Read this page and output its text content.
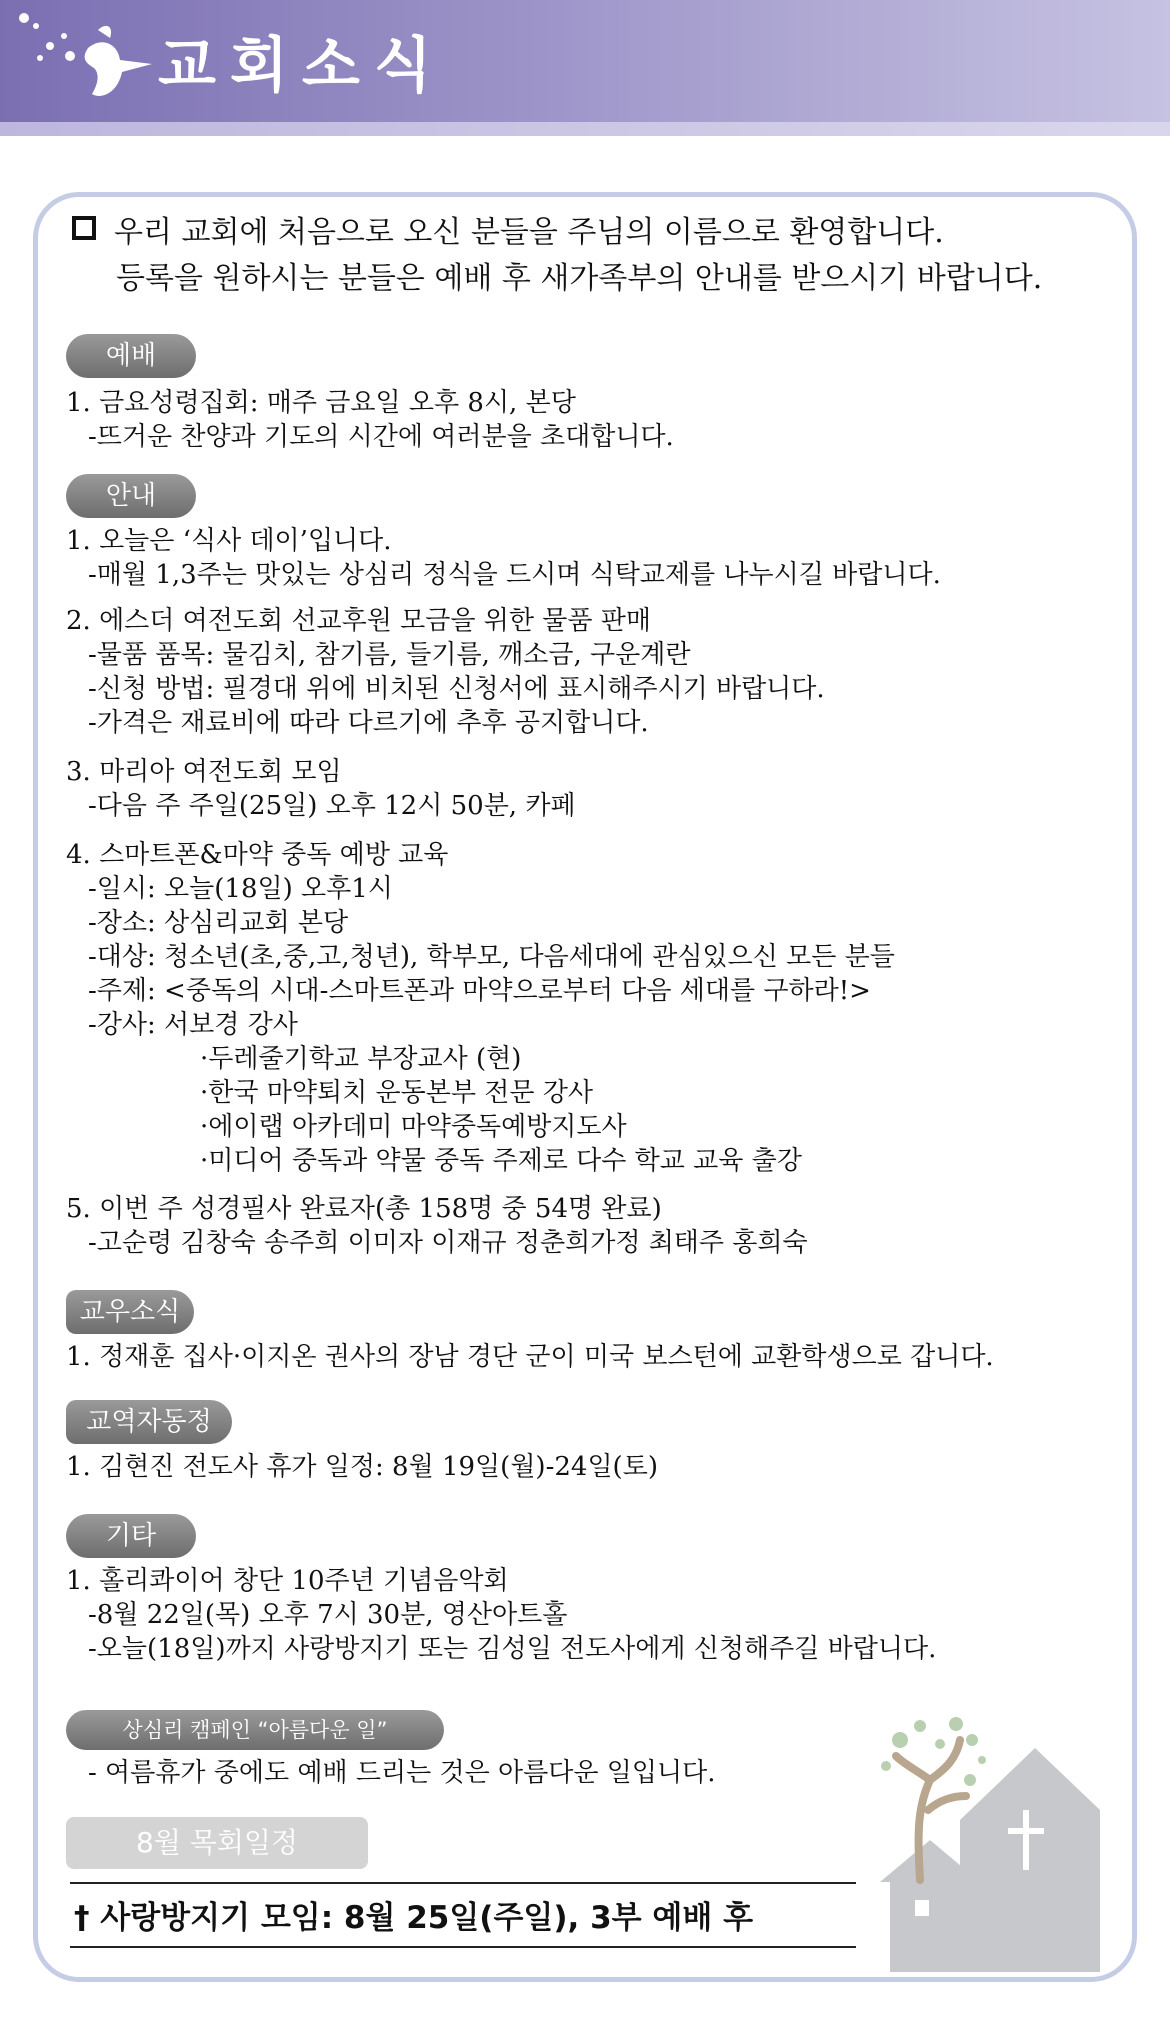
교회소식
우리 교회에 처음으로 오신 분들을 주님의 이름으로 환영합니다.
등록을 원하시는 분들은 예배 후 새가족부의 안내를 받으시기 바랍니다.
예배
1. 금요성령집회: 매주 금요일 오후 8시, 본당
-뜨거운 찬양과 기도의 시간에 여러분을 초대합니다.
안내
1. 오늘은 ‘식사 데이’입니다.
-매월 1,3주는 맛있는 상심리 정식을 드시며 식탁교제를 나누시길 바랍니다.
2. 에스더 여전도회 선교후원 모금을 위한 물품 판매
-물품 품목: 물김치, 참기름, 들기름, 깨소금, 구운계란
-신청 방법: 필경대 위에 비치된 신청서에 표시해주시기 바랍니다.
-가격은 재료비에 따라 다르기에 추후 공지합니다.
3. 마리아 여전도회 모임
-다음 주 주일(25일) 오후 12시 50분, 카페
4. 스마트폰&마약 중독 예방 교육
-일시: 오늘(18일) 오후1시
-장소: 상심리교회 본당
-대상: 청소년(초,중,고,청년), 학부모, 다음세대에 관심있으신 모든 분들
-주제: <중독의 시대-스마트폰과 마약으로부터 다음 세대를 구하라!>
-강사: 서보경 강사
·두레줄기학교 부장교사 (현)
·한국 마약퇴치 운동본부 전문 강사
·에이랩 아카데미 마약중독예방지도사
·미디어 중독과 약물 중독 주제로 다수 학교 교육 출강
5. 이번 주 성경필사 완료자(총 158명 중 54명 완료)
-고순령 김창숙 송주희 이미자 이재규 정춘희가정 최태주 홍희숙
교우소식
1. 정재훈 집사·이지온 권사의 장남 경단 군이 미국 보스턴에 교환학생으로 갑니다.
교역자동정
1. 김현진 전도사 휴가 일정: 8월 19일(월)-24일(토)
기타
1. 홀리콰이어 창단 10주년 기념음악회
-8월 22일(목) 오후 7시 30분, 영산아트홀
-오늘(18일)까지 사랑방지기 또는 김성일 전도사에게 신청해주길 바랍니다.
상심리 캠페인 “아름다운 일”
- 여름휴가 중에도 예배 드리는 것은 아름다운 일입니다.
8월 목회일정
† 사랑방지기 모임: 8월 25일(주일), 3부 예배 후
